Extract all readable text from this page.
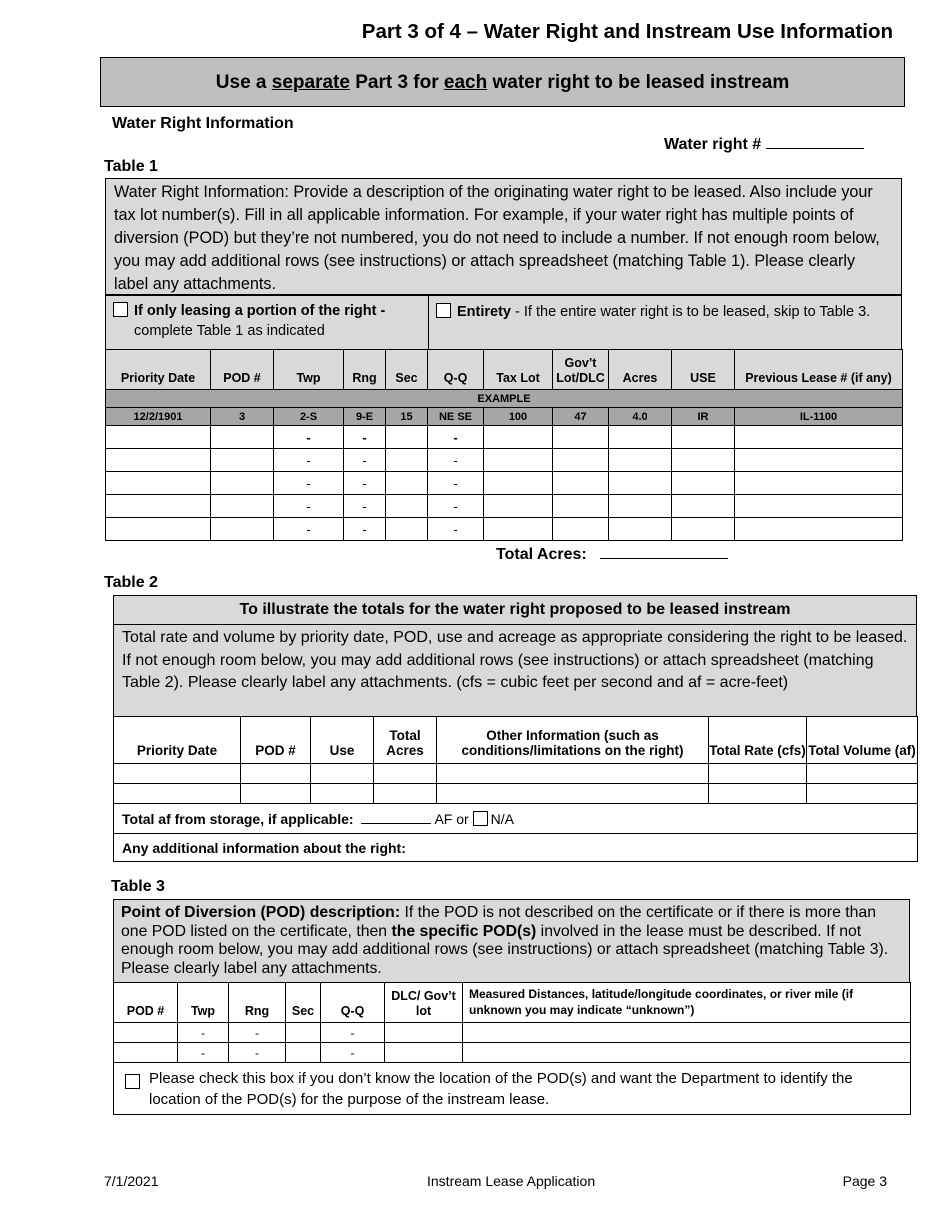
Part 3 of 4 – Water Right and Instream Use Information
Use a separate Part 3 for each water right to be leased instream
Water Right Information
Water right #
Table 1
Water Right Information: Provide a description of the originating water right to be leased. Also include your tax lot number(s). Fill in all applicable information. For example, if your water right has multiple points of diversion (POD) but they’re not numbered, you do not need to include a number. If not enough room below, you may add additional rows (see instructions) or attach spreadsheet (matching Table 1). Please clearly label any attachments.
If only leasing a portion of the right -
complete Table 1 as indicated
Entirety - If the entire water right is to be leased, skip to Table 3.
Priority Date	POD #	Twp	Rng	Sec	Q-Q	Tax Lot	Gov’t Lot/DLC	Acres	USE	Previous Lease # (if any)
EXAMPLE										
12/2/1901	3	2-S	9-E	15	NE SE	100	47	4.0	IR	IL-1100
		-	-		-					
		-	-		-					
		-	-		-					
		-	-		-					
		-	-		-					
Total Acres:
Table 2
To illustrate the totals for the water right proposed to be leased instream
Total rate and volume by priority date, POD, use and acreage as appropriate considering the right to be leased. If not enough room below, you may add additional rows (see instructions) or attach spreadsheet (matching Table 2). Please clearly label any attachments. (cfs = cubic feet per second and af = acre-feet)
Priority Date	POD #	Use	Total Acres	Other Information (such as conditions/limitations on the right)	Total Rate (cfs)	Total Volume (af)

Total af from storage, if applicable: AF or N/A						
Any additional information about the right:						
Table 3
Point of Diversion (POD) description: If the POD is not described on the certificate or if there is more than one POD listed on the certificate, then the specific POD(s) involved in the lease must be described. If not enough room below, you may add additional rows (see instructions) or attach spreadsheet (matching Table 3). Please clearly label any attachments.
POD #	Twp	Rng	Sec	Q-Q	DLC/ Gov’t lot	Measured Distances, latitude/longitude coordinates, or river mile (if unknown you may indicate “unknown”)
	-	-		-		
	-	-		-		

Please check this box if you don’t know the location of the POD(s) and want the Department to identify the location of the POD(s) for the purpose of the instream lease.						
7/1/2021	Instream Lease Application	Page 3
